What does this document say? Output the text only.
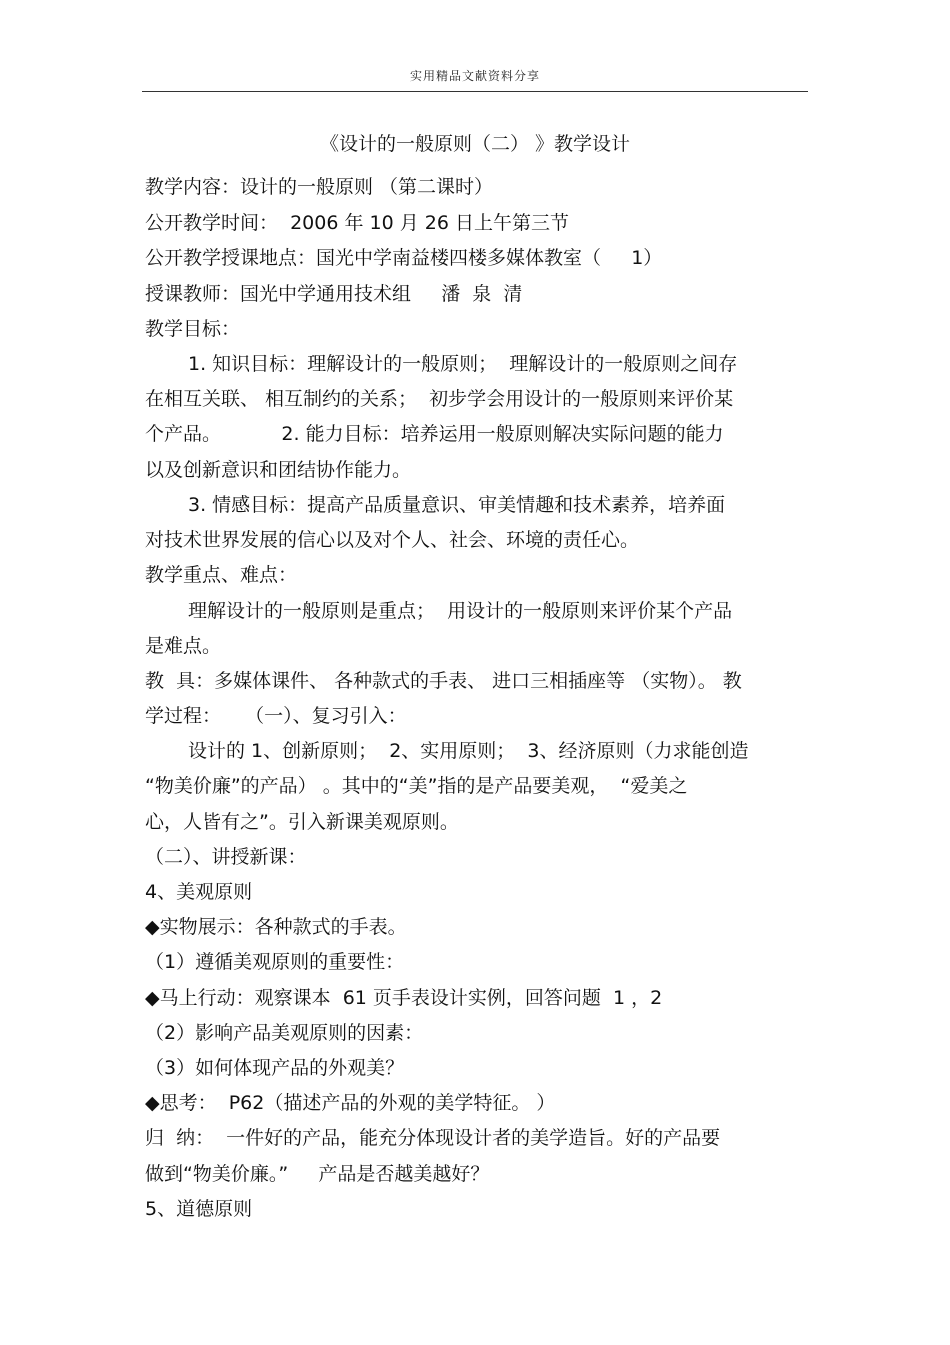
实用精品文献资料分享
《设计的一般原则（二） 》教学设计
教学内容：设计的一般原则 （第二课时）
公开教学时间：  2006 年 10 月 26 日上午第三节
公开教学授课地点：国光中学南益楼四楼多媒体教室（     1）
授课教师：国光中学通用技术组     潘  泉  清
教学目标：
1. 知识目标：理解设计的一般原则；  理解设计的一般原则之间存
在相互关联、 相互制约的关系；  初步学会用设计的一般原则来评价某
个产品。          2. 能力目标：培养运用一般原则解决实际问题的能力
以及创新意识和团结协作能力。
3. 情感目标：提高产品质量意识、审美情趣和技术素养，培养面
对技术世界发展的信心以及对个人、社会、环境的责任心。
教学重点、难点：
理解设计的一般原则是重点；  用设计的一般原则来评价某个产品
是难点。
教  具：多媒体课件、 各种款式的手表、 进口三相插座等 （实物）。 教
学过程：    （一）、复习引入：
设计的 1、创新原则；  2、实用原则；  3、经济原则（力求能创造
“物美价廉”的产品） 。其中的“美”指的是产品要美观，  “爱美之
心，人皆有之”。引入新课美观原则。
（二）、讲授新课：
4、美观原则
◆实物展示：各种款式的手表。
（1）遵循美观原则的重要性：
◆马上行动：观察课本  61 页手表设计实例，回答问题  1 ，2
（2）影响产品美观原则的因素：
（3）如何体现产品的外观美？
◆思考：  P62（描述产品的外观的美学特征。 ）
归  纳：  一件好的产品，能充分体现设计者的美学造旨。好的产品要
做到“物美价廉。”     产品是否越美越好？
5、道德原则
